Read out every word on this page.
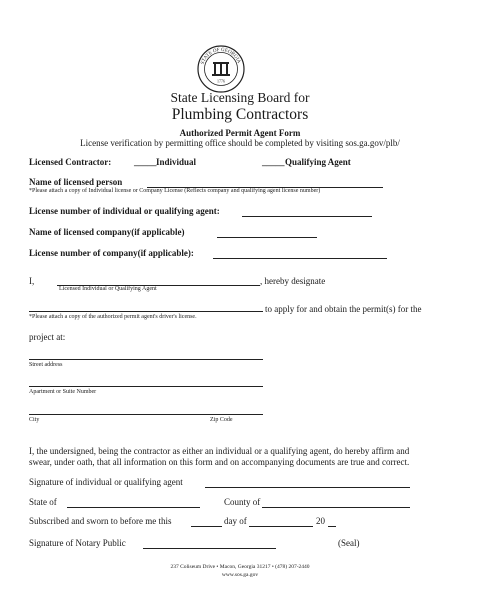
STATE OF GEORGIA
1776
State Licensing Board for
Plumbing Contractors
Authorized Permit Agent Form
License verification by permitting office should be completed by visiting sos.ga.gov/plb/
Licensed Contractor:	_____ Individual	_____ Qualifying Agent
Name of licensed person
*Please attach a copy of Individual license or Company License (Reflects company and qualifying agent license number)
License number of individual or qualifying agent:
Name of licensed company(if applicable)
License number of company(if applicable):
I,	, hereby designate
Licensed Individual or Qualifying Agent
to apply for and obtain the permit(s) for the
*Please attach a copy of the authorized permit agent's driver's license.
project at:
Street address
Apartment or Suite Number
City	Zip Code
I, the undersigned, being the contractor as either an individual or a qualifying agent, do hereby affirm and
swear, under oath, that all information on this form and on accompanying documents are true and correct.
Signature of individual or qualifying agent
State of	County of
Subscribed and sworn to before me this	day of	20
Signature of Notary Public	(Seal)
237 Coliseum Drive • Macon, Georgia 31217 • (478) 207-2440
www.sos.ga.gov
